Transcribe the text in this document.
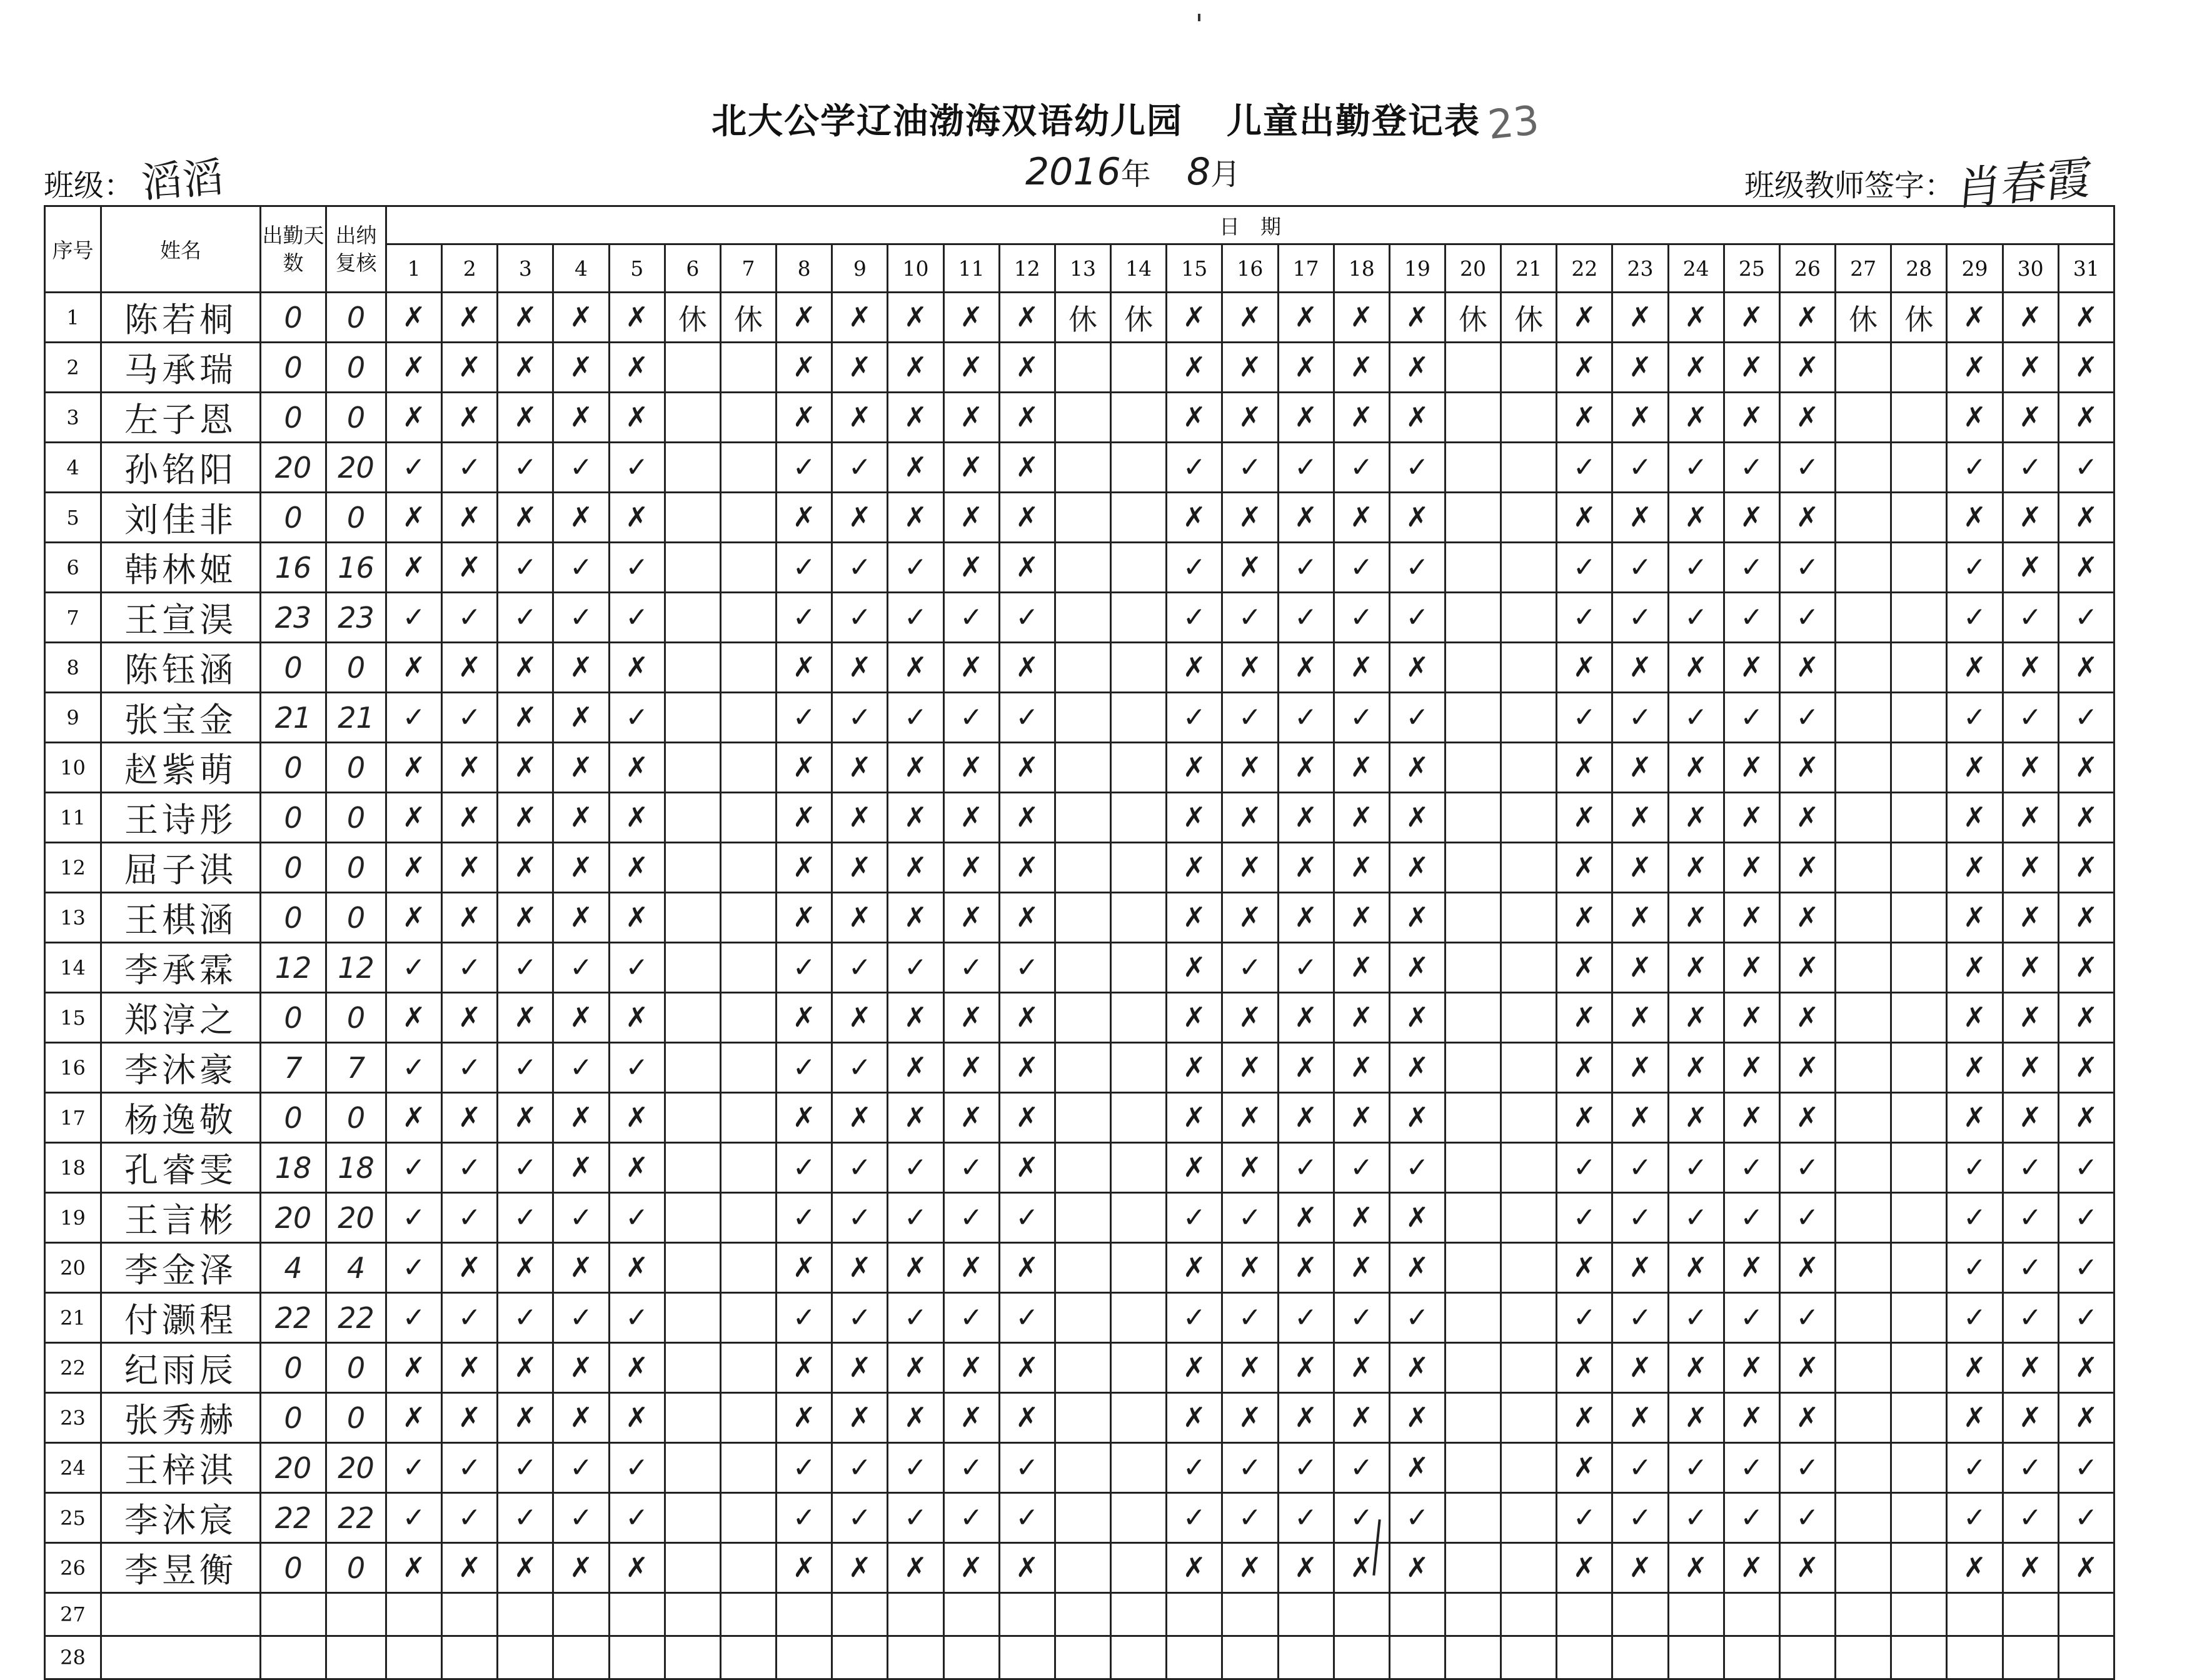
北大公学辽油渤海双语幼儿园 儿童出勤登记表 23
班级： 滔滔	2016年 8月	班级教师签字： 肖春霞
序号	姓名	出勤天数	出纳复核	日　期																														
				1	2	3	4	5	6	7	8	9	10	11	12	13	14	15	16	17	18	19	20	21	22	23	24	25	26	27	28	29	30	31
1	陈若桐	0	0	✗	✗	✗	✗	✗	休	休	✗	✗	✗	✗	✗	休	休	✗	✗	✗	✗	✗	休	休	✗	✗	✗	✗	✗	休	休	✗	✗	✗
2	马承瑞	0	0	✗	✗	✗	✗	✗			✗	✗	✗	✗	✗			✗	✗	✗	✗	✗			✗	✗	✗	✗	✗			✗	✗	✗
3	左子恩	0	0	✗	✗	✗	✗	✗			✗	✗	✗	✗	✗			✗	✗	✗	✗	✗			✗	✗	✗	✗	✗			✗	✗	✗
4	孙铭阳	20	20	✓	✓	✓	✓	✓			✓	✓	✗	✗	✗			✓	✓	✓	✓	✓			✓	✓	✓	✓	✓			✓	✓	✓
5	刘佳非	0	0	✗	✗	✗	✗	✗			✗	✗	✗	✗	✗			✗	✗	✗	✗	✗			✗	✗	✗	✗	✗			✗	✗	✗
6	韩林姬	16	16	✗	✗	✓	✓	✓			✓	✓	✓	✗	✗			✓	✗	✓	✓	✓			✓	✓	✓	✓	✓			✓	✗	✗
7	王宣淏	23	23	✓	✓	✓	✓	✓			✓	✓	✓	✓	✓			✓	✓	✓	✓	✓			✓	✓	✓	✓	✓			✓	✓	✓
8	陈钰涵	0	0	✗	✗	✗	✗	✗			✗	✗	✗	✗	✗			✗	✗	✗	✗	✗			✗	✗	✗	✗	✗			✗	✗	✗
9	张宝金	21	21	✓	✓	✗	✗	✓			✓	✓	✓	✓	✓			✓	✓	✓	✓	✓			✓	✓	✓	✓	✓			✓	✓	✓
10	赵紫萌	0	0	✗	✗	✗	✗	✗			✗	✗	✗	✗	✗			✗	✗	✗	✗	✗			✗	✗	✗	✗	✗			✗	✗	✗
11	王诗彤	0	0	✗	✗	✗	✗	✗			✗	✗	✗	✗	✗			✗	✗	✗	✗	✗			✗	✗	✗	✗	✗			✗	✗	✗
12	屈子淇	0	0	✗	✗	✗	✗	✗			✗	✗	✗	✗	✗			✗	✗	✗	✗	✗			✗	✗	✗	✗	✗			✗	✗	✗
13	王棋涵	0	0	✗	✗	✗	✗	✗			✗	✗	✗	✗	✗			✗	✗	✗	✗	✗			✗	✗	✗	✗	✗			✗	✗	✗
14	李承霖	12	12	✓	✓	✓	✓	✓			✓	✓	✓	✓	✓			✗	✓	✓	✗	✗			✗	✗	✗	✗	✗			✗	✗	✗
15	郑淳之	0	0	✗	✗	✗	✗	✗			✗	✗	✗	✗	✗			✗	✗	✗	✗	✗			✗	✗	✗	✗	✗			✗	✗	✗
16	李沐豪	7	7	✓	✓	✓	✓	✓			✓	✓	✗	✗	✗			✗	✗	✗	✗	✗			✗	✗	✗	✗	✗			✗	✗	✗
17	杨逸敬	0	0	✗	✗	✗	✗	✗			✗	✗	✗	✗	✗			✗	✗	✗	✗	✗			✗	✗	✗	✗	✗			✗	✗	✗
18	孔睿雯	18	18	✓	✓	✓	✗	✗			✓	✓	✓	✓	✗			✗	✗	✓	✓	✓			✓	✓	✓	✓	✓			✓	✓	✓
19	王言彬	20	20	✓	✓	✓	✓	✓			✓	✓	✓	✓	✓			✓	✓	✗	✗	✗			✓	✓	✓	✓	✓			✓	✓	✓
20	李金泽	4	4	✓	✗	✗	✗	✗			✗	✗	✗	✗	✗			✗	✗	✗	✗	✗			✗	✗	✗	✗	✗			✓	✓	✓
21	付灏程	22	22	✓	✓	✓	✓	✓			✓	✓	✓	✓	✓			✓	✓	✓	✓	✓			✓	✓	✓	✓	✓			✓	✓	✓
22	纪雨辰	0	0	✗	✗	✗	✗	✗			✗	✗	✗	✗	✗			✗	✗	✗	✗	✗			✗	✗	✗	✗	✗			✗	✗	✗
23	张秀赫	0	0	✗	✗	✗	✗	✗			✗	✗	✗	✗	✗			✗	✗	✗	✗	✗			✗	✗	✗	✗	✗			✗	✗	✗
24	王梓淇	20	20	✓	✓	✓	✓	✓			✓	✓	✓	✓	✓			✓	✓	✓	✓	✗			✗	✓	✓	✓	✓			✓	✓	✓
25	李沐宸	22	22	✓	✓	✓	✓	✓			✓	✓	✓	✓	✓			✓	✓	✓	✓	✓			✓	✓	✓	✓	✓			✓	✓	✓
26	李昱衡	0	0	✗	✗	✗	✗	✗			✗	✗	✗	✗	✗			✗	✗	✗	✗	✗			✗	✗	✗	✗	✗			✗	✗	✗
27																																		
28																																		
